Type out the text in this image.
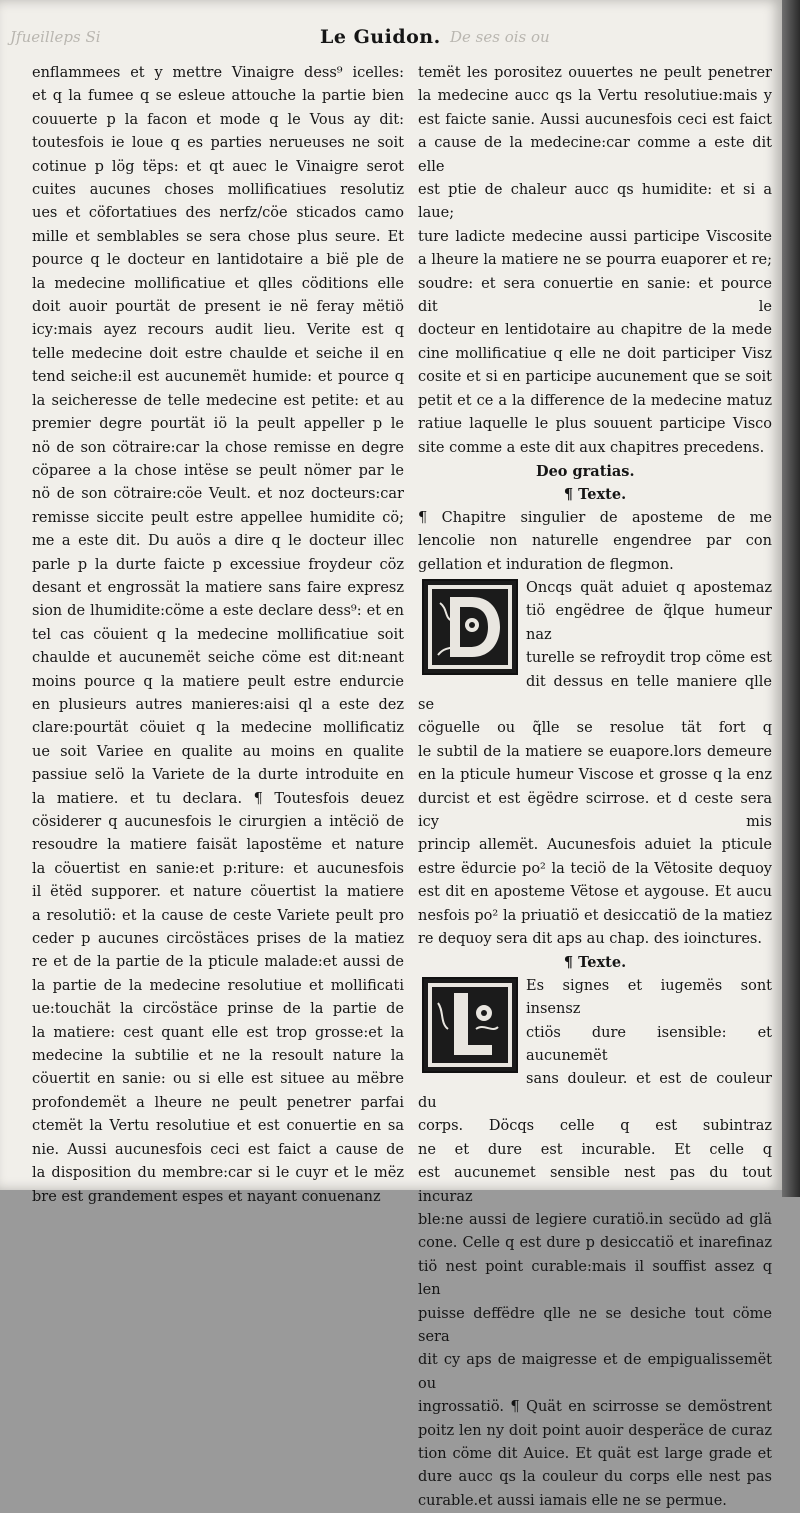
Jfueilleps Si	Le Guidon. De ses ois ou

enflammees et y mettre Vinaigre dess⁹ icelles:

et q la fumee q se esleue attouche la partie bien

couuerte p la facon et mode q le Vous ay dit:

toutesfois ie loue q es parties nerueuses ne soit

cotinue p lög tëps: et qt auec le Vinaigre serot

cuites aucunes choses mollificatiues resolutiz

ues et cöfortatiues des nerfz/cöe sticados camo

mille et semblables se sera chose plus seure. Et

pource q le docteur en lantidotaire a bië ple de

la medecine mollificatiue et qlles cöditions elle

doit auoir pourtät de present ie në feray mëtiö

icy:mais ayez recours audit lieu. Verite est q

telle medecine doit estre chaulde et seiche il en

tend seiche:il est aucunemët humide: et pource q

la seicheresse de telle medecine est petite: et au

premier degre pourtät iö la peult appeller p le

nö de son cötraire:car la chose remisse en degre

cöparee a la chose intëse se peult nömer par le

nö de son cötraire:cöe Veult. et noz docteurs:car

remisse siccite peult estre appellee humidite cö;

me a este dit. Du auös a dire q le docteur illec

parle p la durte faicte p excessiue froydeur cöz

desant et engrossät la matiere sans faire expresz

sion de lhumidite:cöme a este declare dess⁹: et en

tel cas cöuient q la medecine mollificatiue soit

chaulde et aucunemët seiche cöme est dit:neant

moins pource q la matiere peult estre endurcie

en plusieurs autres manieres:aisi ql a este dez

clare:pourtät cöuiet q la medecine mollificatiz

ue soit Variee en qualite au moins en qualite

passiue selö la Variete de la durte introduite en

la matiere. et tu declara. ¶ Toutesfois deuez

cösiderer q aucunesfois le cirurgien a intëciö de

resoudre la matiere faisät lapostëme et nature

la cöuertist en sanie:et p:riture: et aucunesfois

il ëtëd supporer. et nature cöuertist la matiere

a resolutiö: et la cause de ceste Variete peult pro

ceder p aucunes circöstäces prises de la matiez

re et de la partie de la pticule malade:et aussi de

la partie de la medecine resolutiue et mollificati

ue:touchät la circöstäce prinse de la partie de

la matiere: cest quant elle est trop grosse:et la

medecine la subtilie et ne la resoult nature la

cöuertit en sanie: ou si elle est situee au mëbre

profondemët a lheure ne peult penetrer parfai

ctemët la Vertu resolutiue et est conuertie en sa

nie. Aussi aucunesfois ceci est faict a cause de

la disposition du membre:car si le cuyr et le mëz

bre est grandement espes et nayant conuenanz

temët les porositez ouuertes ne peult penetrer

la medecine aucc qs la Vertu resolutiue:mais y

est faicte sanie. Aussi aucunesfois ceci est faict

a cause de la medecine:car comme a este dit elle

est ptie de chaleur aucc qs humidite: et si a laue;

ture ladicte medecine aussi participe Viscosite

a lheure la matiere ne se pourra euaporer et re;

soudre: et sera conuertie en sanie: et pource dit le

docteur en lentidotaire au chapitre de la mede

cine mollificatiue q elle ne doit participer Visz

cosite et si en participe aucunement que se soit

petit et ce a la difference de la medecine matuz

ratiue laquelle le plus souuent participe Visco

site comme a este dit aux chapitres precedens.

Deo gratias.

¶ Texte.

¶ Chapitre singulier de aposteme de me

lencolie non naturelle engendree par con

gellation et induration de flegmon.

Oncqs quät aduiet q apostemaz

tiö engëdree de q̃lque humeur naz

turelle se refroydit trop cöme est

dit dessus en telle maniere qlle se

cöguelle ou q̃lle se resolue tät fort q

le subtil de la matiere se euapore.lors demeure

en la pticule humeur Viscose et grosse q la enz

durcist et est ëgëdre scirrose. et d ceste sera icy mis

princip allemët. Aucunesfois aduiet la pticule

estre ëdurcie po² la teciö de la Vëtosite dequoy

est dit en aposteme Vëtose et aygouse. Et aucu

nesfois po² la priuatiö et desiccatiö de la matiez

re dequoy sera dit aps au chap. des ioinctures.

¶ Texte.

Es signes et iugemës sont insensz

ctiös dure isensible: et aucunemët

sans douleur. et est de couleur du

corps. Döcqs celle q est subintraz

ne et dure est incurable. Et celle q

est aucunemet sensible nest pas du tout incuraz

ble:ne aussi de legiere curatiö.in secüdo ad glä

cone. Celle q est dure p desiccatiö et inarefinaz

tiö nest point curable:mais il souffist assez q len

puisse deffëdre qlle ne se desiche tout cöme sera

dit cy aps de maigresse et de empigualissemët ou

ingrossatiö. ¶ Quät en scirrosse se demöstrent

poitz len ny doit point auoir desperäce de curaz

tion cöme dit Auice. Et quät est large grade et

dure aucc qs la couleur du corps elle nest pas

curable.et aussi iamais elle ne se permue.
